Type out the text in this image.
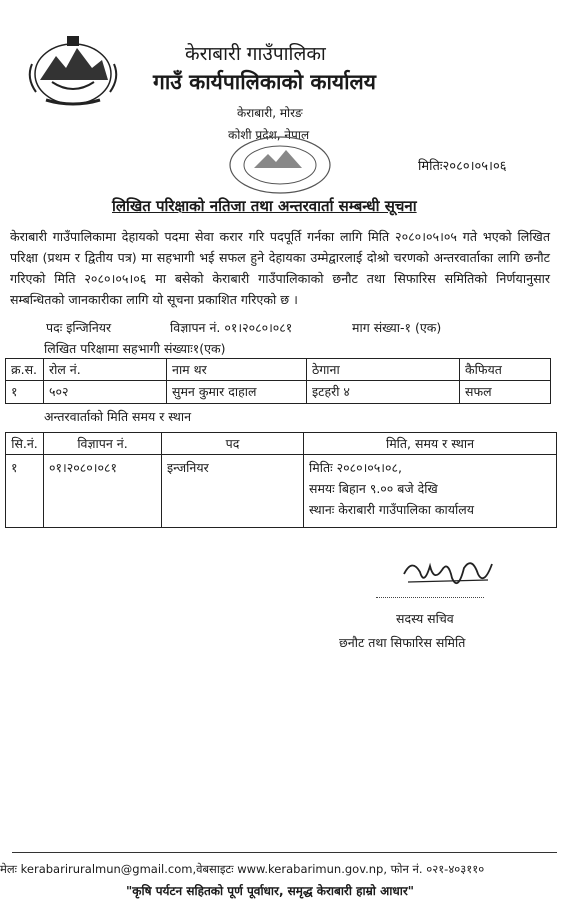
केराबारी गाउँपालिका
गाउँ कार्यपालिकाको कार्यालय
केराबारी, मोरङ
कोशी प्रदेश, नेपाल
मितिः२०८०।०५।०६
लिखित परिक्षाको नतिजा तथा अन्तरवार्ता सम्बन्धी सूचना
केराबारी गाउँपालिकामा देहायको पदमा सेवा करार गरि पदपूर्ति गर्नका लागि मिति २०८०।०५।०५ गते भएको लिखित परिक्षा (प्रथम र द्वितीय पत्र) मा सहभागी भई सफल हुने देहायका उम्मेद्वारलाई दोश्रो चरणको अन्तरवार्ताका लागि छनौट गरिएको मिति २०८०।०५।०६ मा बसेको केराबारी गाउँपालिकाको छनौट तथा सिफारिस समितिको निर्णयानुसार सम्बन्धितको जानकारीका लागि यो सूचना प्रकाशित गरिएको छ ।
पदः इन्जिनियर	विज्ञापन नं. ०१।२०८०।०८१	माग संख्या-१ (एक)
लिखित परिक्षामा सहभागी संख्याः१(एक)
क्र.स.	रोल नं.	नाम थर	ठेगाना	कैफियत
१	५०२	सुमन कुमार दाहाल	इटहरी ४	सफल
अन्तरवार्ताको मिति समय र स्थान
सि.नं.	विज्ञापन नं.	पद	मिति, समय र स्थान
१	०१।२०८०।०८१	इन्जनियर	मितिः २०८०।०५।०८,
समयः बिहान ९.०० बजे देखि
स्थानः केराबारी गाउँपालिका कार्यालय
सदस्य सचिव
छनौट तथा सिफारिस समिति
मेलः kerabariruralmun@gmail.com,वेबसाइटः www.kerabarimun.gov.np, फोन नं. ०२१-४०३११०
"कृषि पर्यटन सहितको पूर्ण पूर्वाधार, समृद्ध केराबारी हाम्रो आधार"
